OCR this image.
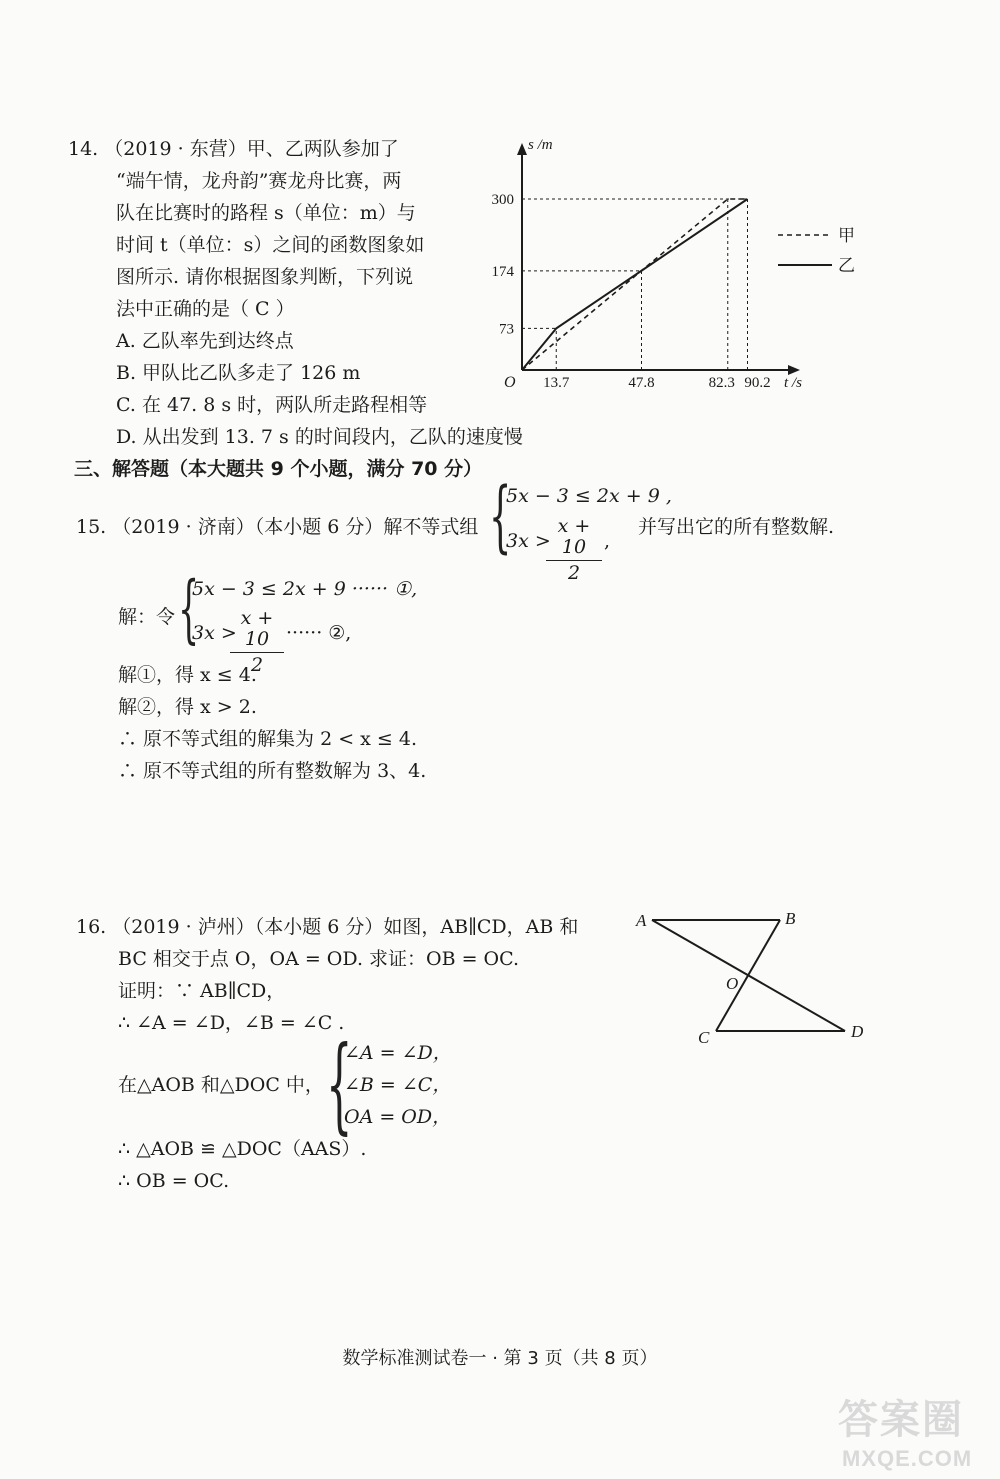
14. （2019 · 东营）甲、乙两队参加了
“端午情，龙舟韵”赛龙舟比赛，两
队在比赛时的路程 s（单位：m）与
时间 t（单位：s）之间的函数图象如
图所示. 请你根据图象判断，下列说
法中正确的是（ C ）
A. 乙队率先到达终点
B. 甲队比乙队多走了 126 m
C. 在 47. 8 s 时，两队所走路程相等
D. 从出发到 13. 7 s 的时间段内，乙队的速度慢
s /m
t /s
O
73
174
300
13.7	47.8	82.3 90.2
甲
乙
三、解答题（本大题共 9 个小题，满分 70 分）
15. （2019 · 济南）（本小题 6 分）解不等式组 {
5x − 3 ≤ 2x + 9 ,
3x >
x + 10
2
,
并写出它的所有整数解.
解：令 {
5x − 3 ≤ 2x + 9 ······ ①,
3x >
x + 10
2
······ ②,
解①，得 x ≤ 4.
解②，得 x > 2.
∴ 原不等式组的解集为 2 < x ≤ 4.
∴ 原不等式组的所有整数解为 3、4.
16. （2019 · 泸州）（本小题 6 分）如图，AB∥CD，AB 和
BC 相交于点 O，OA = OD. 求证：OB = OC.
证明：∵ AB∥CD，
∴ ∠A = ∠D，∠B = ∠C .
在△AOB 和△DOC 中， {
∠A = ∠D，
∠B = ∠C，
OA = OD，
∴ △AOB ≌ △DOC（AAS）.
∴ OB = OC.
A	B
O
C	D
数学标准测试卷一 · 第 3 页（共 8 页）
答案圈
MXQE.COM
